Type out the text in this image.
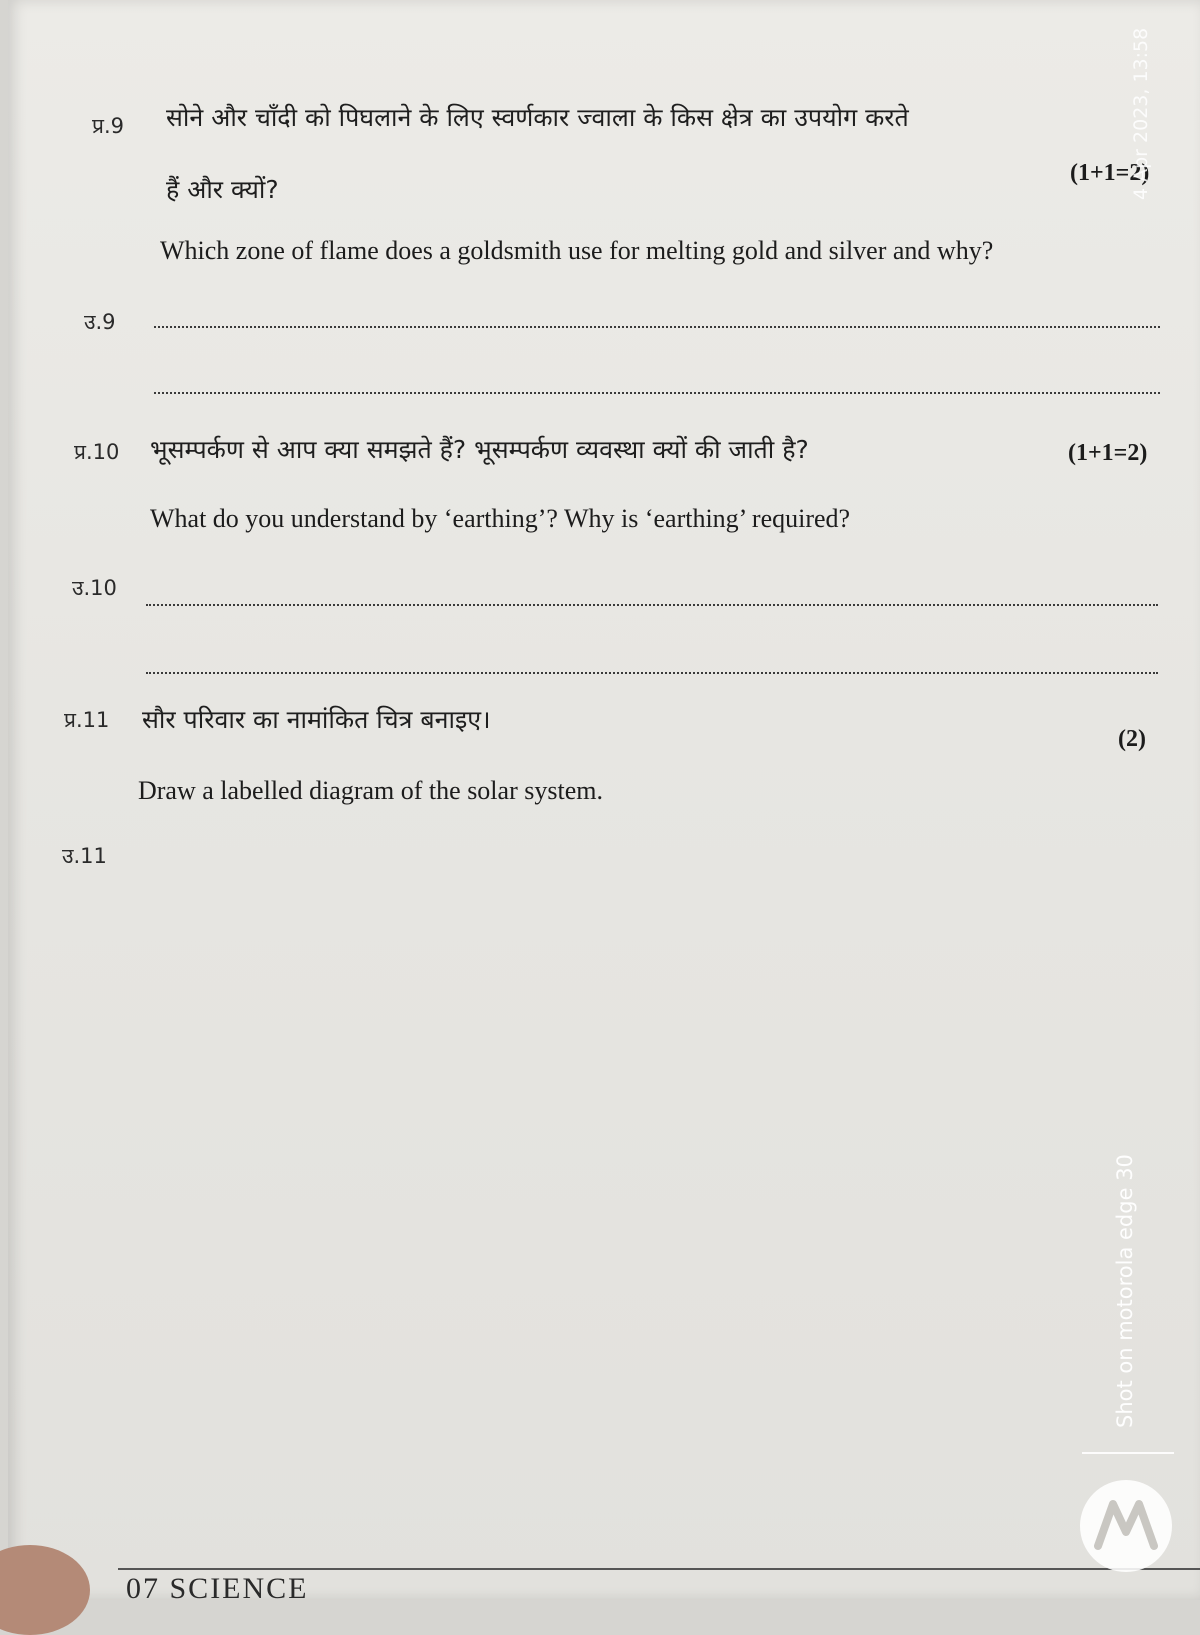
प्र.9 सोने और चाँदी को पिघलाने के लिए स्वर्णकार ज्वाला के किस क्षेत्र का उपयोग करते
हैं और क्यों?
(1+1=2)
Which zone of flame does a goldsmith use for melting gold and silver and why?
उ.9
प्र.10 भूसम्पर्कण से आप क्या समझते हैं? भूसम्पर्कण व्यवस्था क्यों की जाती है?	(1+1=2)
What do you understand by ‘earthing’? Why is ‘earthing’ required?
उ.10
प्र.11 सौर परिवार का नामांकित चित्र बनाइए।
(2)
Draw a labelled diagram of the solar system.
उ.11
07 SCIENCE
4 Apr 2023, 13:58
Shot on motorola edge 30
